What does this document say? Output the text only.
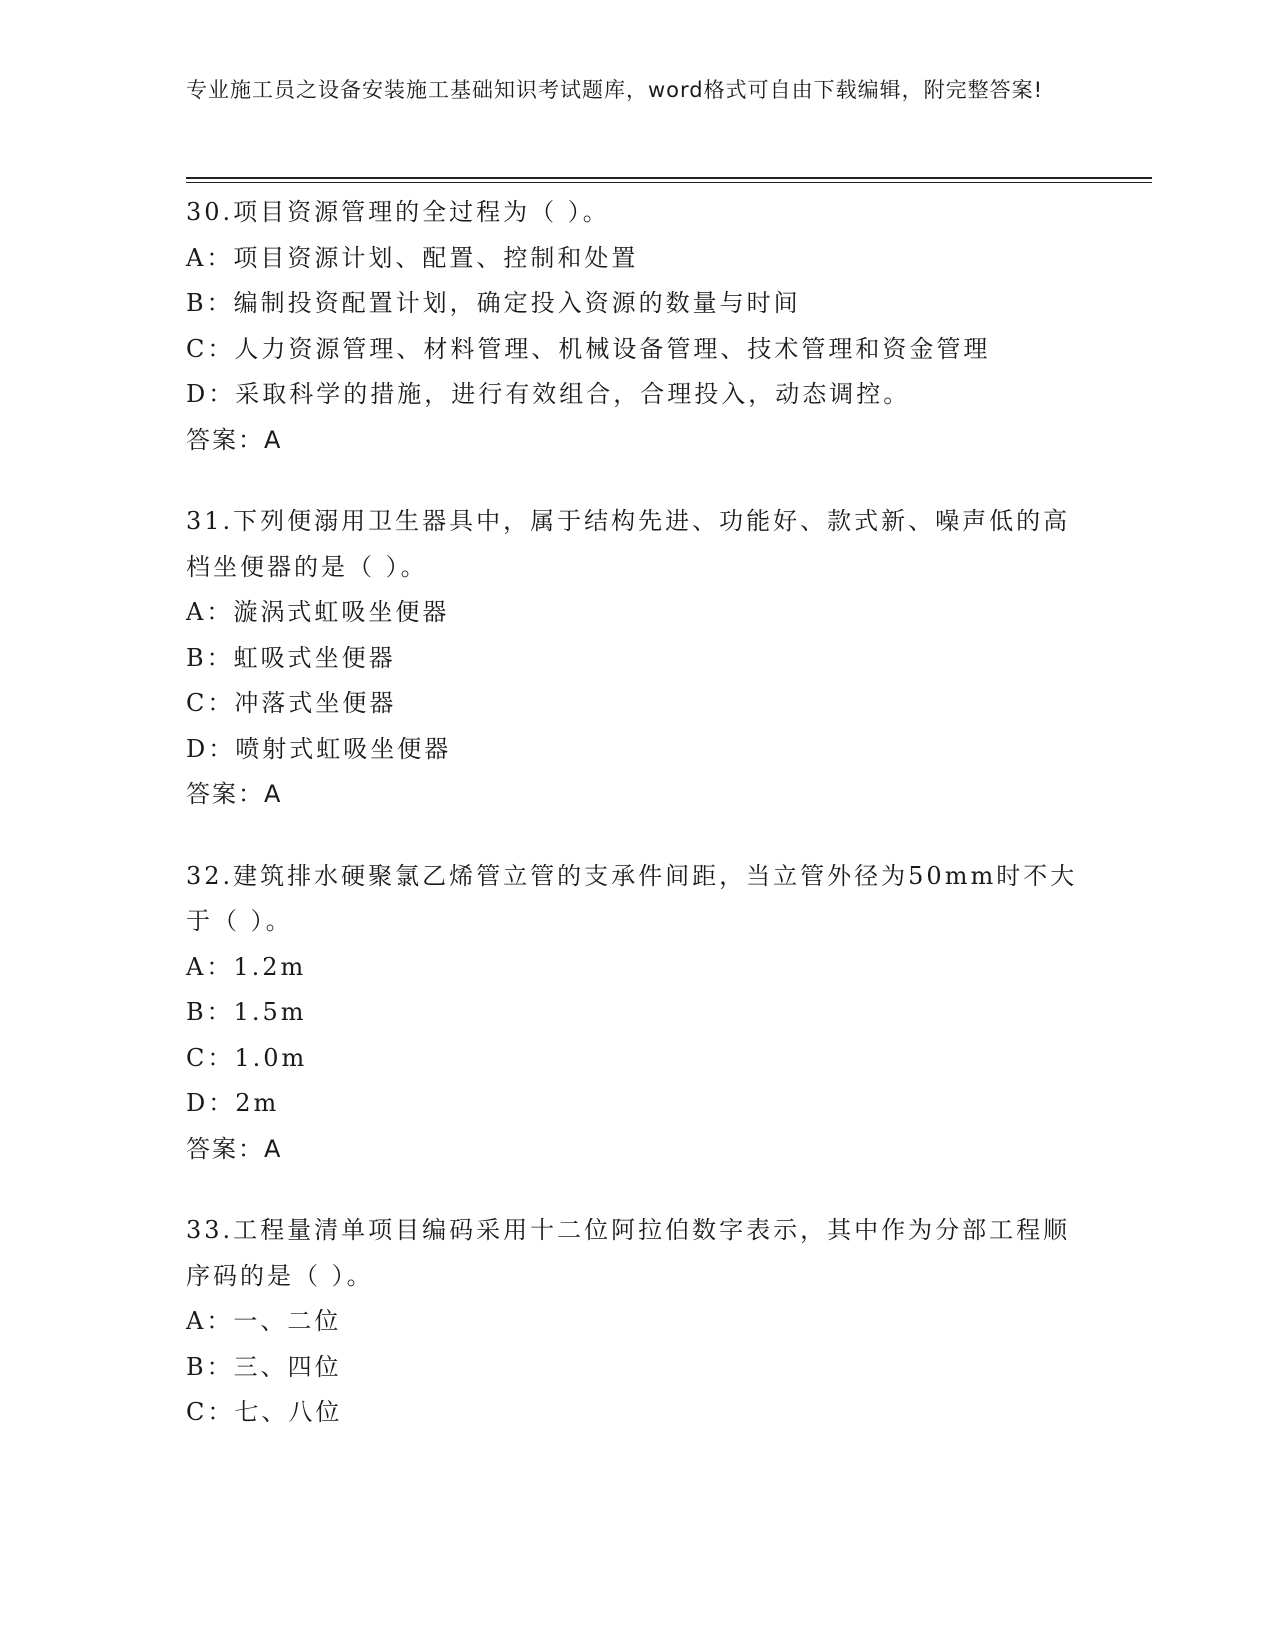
专业施工员之设备安装施工基础知识考试题库，word格式可自由下载编辑，附完整答案!
30.项目资源管理的全过程为（ ）。
A：项目资源计划、配置、控制和处置
B：编制投资配置计划，确定投入资源的数量与时间
C：人力资源管理、材料管理、机械设备管理、技术管理和资金管理
D：采取科学的措施，进行有效组合，合理投入，动态调控。
答案：A
31.下列便溺用卫生器具中，属于结构先进、功能好、款式新、噪声低的高档坐便器的是（ ）。
A：漩涡式虹吸坐便器
B：虹吸式坐便器
C：冲落式坐便器
D：喷射式虹吸坐便器
答案：A
32.建筑排水硬聚氯乙烯管立管的支承件间距，当立管外径为50mm时不大于（ ）。
A：1.2m
B：1.5m
C：1.0m
D：2m
答案：A
33.工程量清单项目编码采用十二位阿拉伯数字表示，其中作为分部工程顺序码的是（ ）。
A：一、二位
B：三、四位
C：七、八位
